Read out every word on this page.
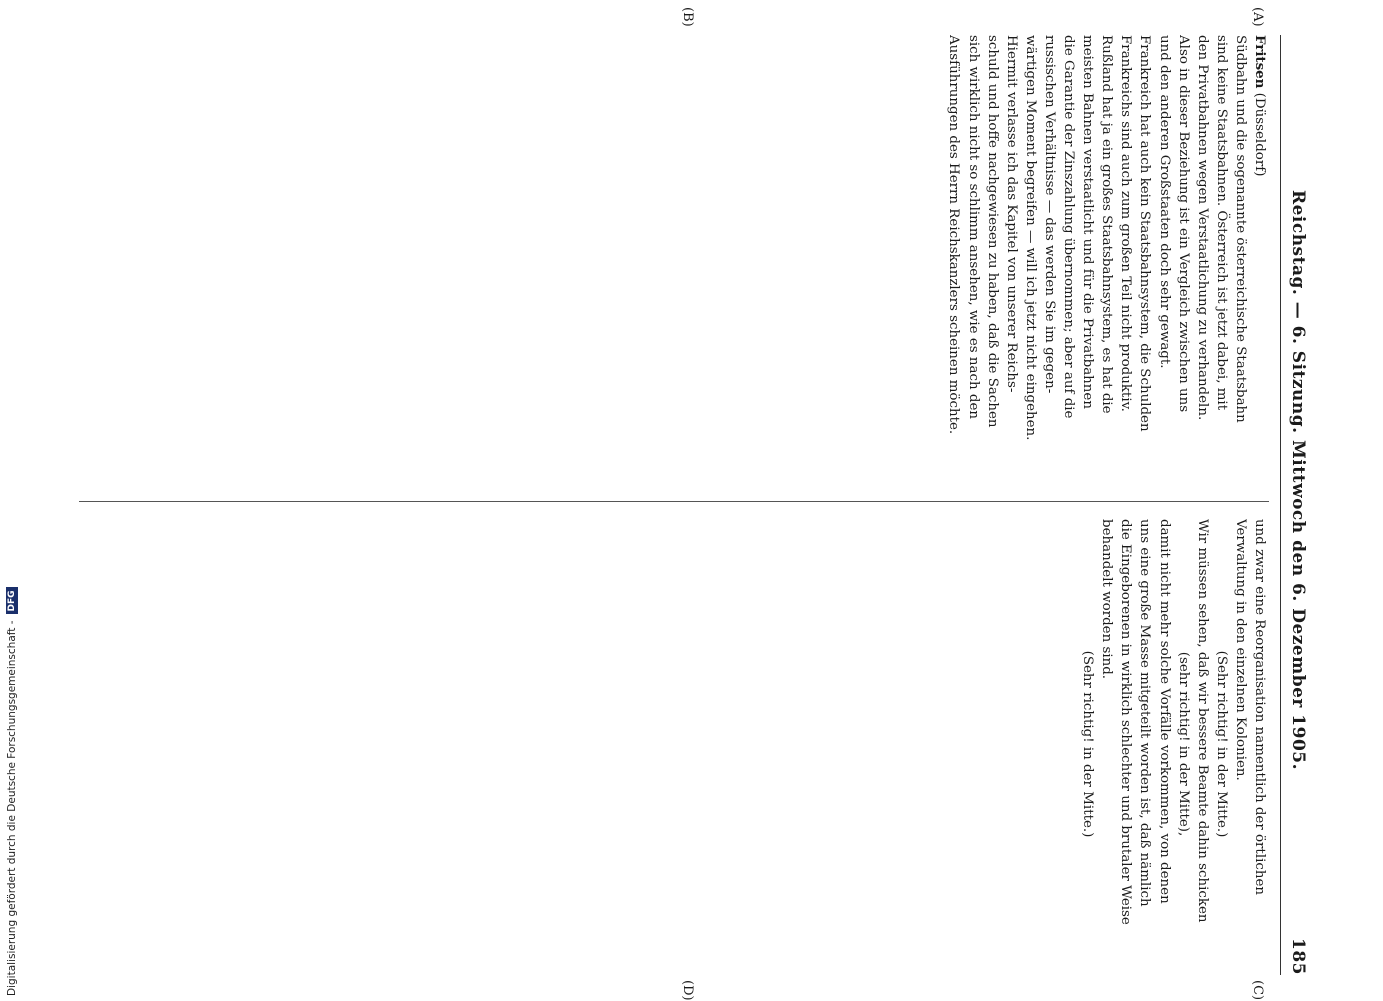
Reichstag. — 6. Sitzung. Mittwoch den 6. Dezember 1905.
185

Fritsen (Düsseldorf)

Südbahn und die sogenannte österreichische Staatsbahn
sind keine Staatsbahnen. Österreich ist jetzt dabei, mit
den Privatbahnen wegen Verstaatlichung zu verhandeln.
Also in dieser Beziehung ist ein Vergleich zwischen uns
und den anderen Großstaaten doch sehr gewagt.
Frankreich hat auch kein Staatsbahnsystem, die Schulden
Frankreichs sind auch zum großen Teil nicht produktiv.
Rußland hat ja ein großes Staatsbahnsystem, es hat die
meisten Bahnen verstaatlicht und für die Privatbahnen
die Garantie der Zinszahlung übernommen; aber auf die
russischen Verhältnisse — das werden Sie im gegen-
wärtigen Moment begreifen — will ich jetzt nicht eingehen.
Hiermit verlasse ich das Kapitel von unserer Reichs-
schuld und hoffe nachgewiesen zu haben, daß die Sachen
sich wirklich nicht so schlimm ansehen, wie es nach den
Ausführungen des Herrn Reichskanzlers scheinen möchte.
und zwar eine Reorganisation namentlich der örtlichen
Verwaltung in den einzelnen Kolonien.
(Sehr richtig! in der Mitte.)
Wir müssen sehen, daß wir bessere Beamte dahin schicken
(sehr richtig! in der Mitte),
damit nicht mehr solche Vorfälle vorkommen, von denen
uns eine große Masse mitgeteilt worden ist, daß nämlich
die Eingeborenen in wirklich schlechter und brutaler Weise
behandelt worden sind.
(Sehr richtig! in der Mitte.)
(A)
(B)
(C)
(D)
Digitalisierung gefördert durch die Deutsche Forschungsgemeinschaft -
DFG
